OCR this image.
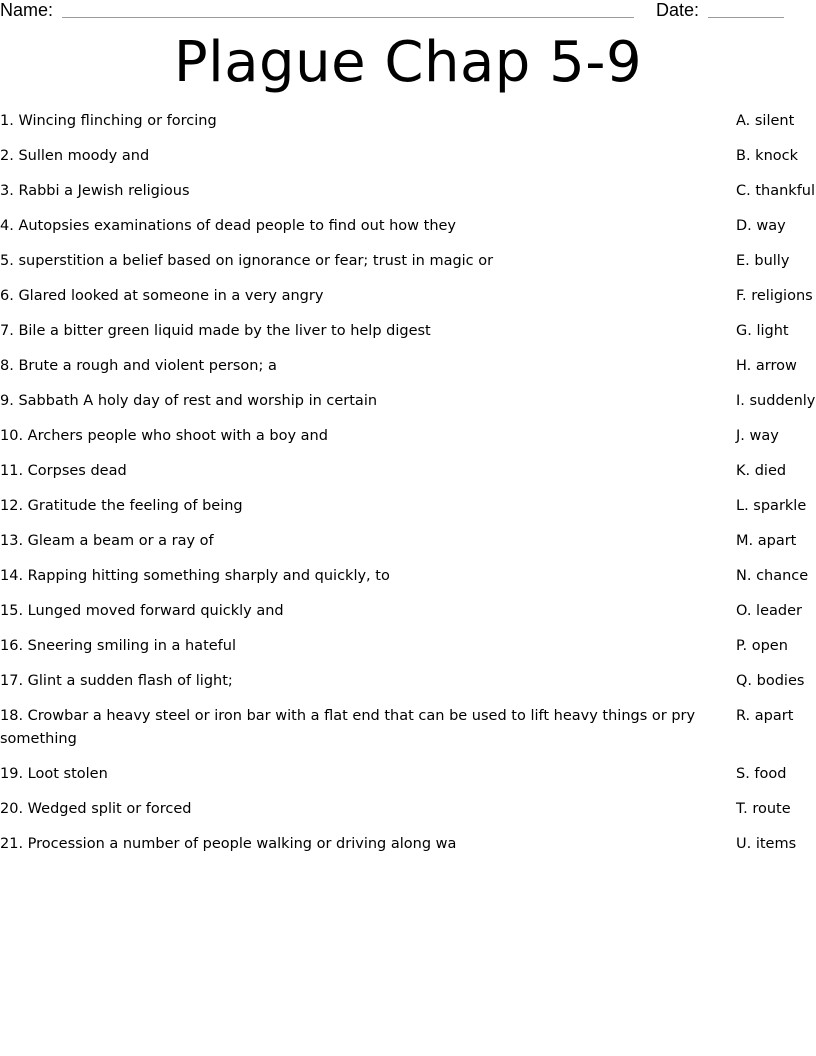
Name:	Date:
Plague Chap 5-9
1. Wincing flinching or forcing	A. silent
2. Sullen moody and	B. knock
3. Rabbi a Jewish religious	C. thankful
4. Autopsies examinations of dead people to find out how they	D. way
5. superstition a belief based on ignorance or fear; trust in magic or	E. bully
6. Glared looked at someone in a very angry	F. religions
7. Bile a bitter green liquid made by the liver to help digest	G. light
8. Brute a rough and violent person; a	H. arrow
9. Sabbath A holy day of rest and worship in certain	I. suddenly
10. Archers people who shoot with a boy and	J. way
11. Corpses dead	K. died
12. Gratitude the feeling of being	L. sparkle
13. Gleam a beam or a ray of	M. apart
14. Rapping hitting something sharply and quickly, to	N. chance
15. Lunged moved forward quickly and	O. leader
16. Sneering smiling in a hateful	P. open
17. Glint a sudden flash of light;	Q. bodies
18. Crowbar a heavy steel or iron bar with a flat end that can be used to lift heavy things or pry something
R. apart
19. Loot stolen	S. food
20. Wedged split or forced	T. route
21. Procession a number of people walking or driving along wa	U. items
